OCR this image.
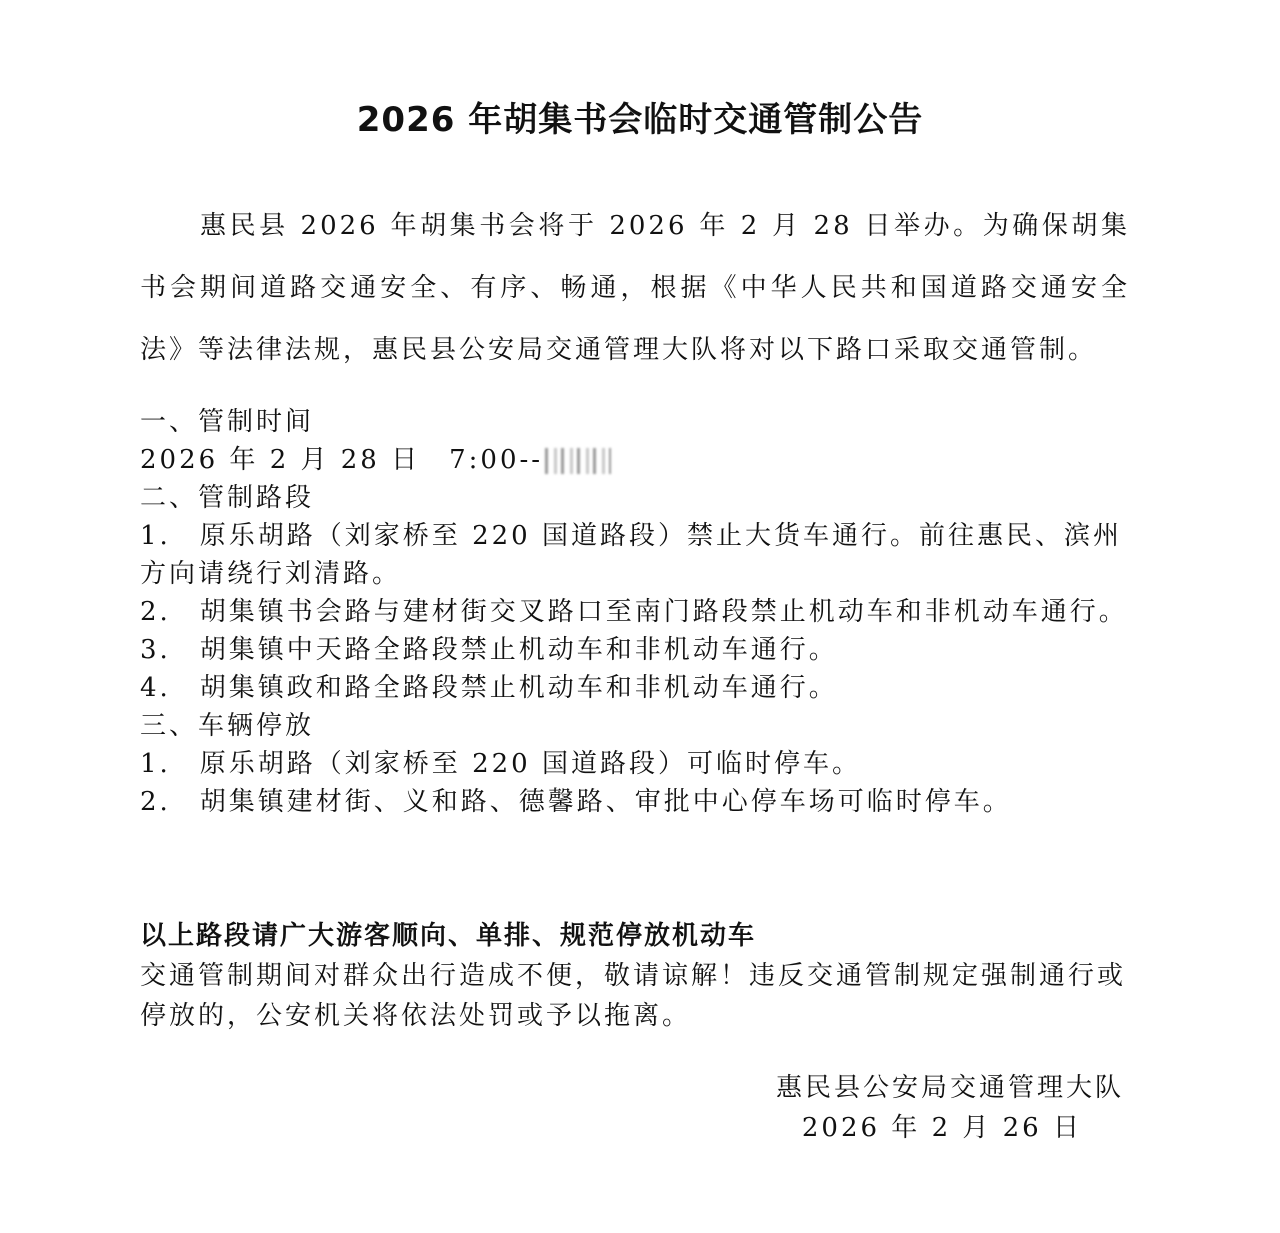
2026 年胡集书会临时交通管制公告
惠民县 2026 年胡集书会将于 2026 年 2 月 28 日举办。为确保胡集书会期间道路交通安全、有序、畅通，根据《中华人民共和国道路交通安全法》等法律法规，惠民县公安局交通管理大队将对以下路口采取交通管制。
一、管制时间
2026 年 2 月 28 日　7:00--
二、管制路段
1.　原乐胡路（刘家桥至 220 国道路段）禁止大货车通行。前往惠民、滨州方向请绕行刘清路。
2.　胡集镇书会路与建材街交叉路口至南门路段禁止机动车和非机动车通行。
3.　胡集镇中天路全路段禁止机动车和非机动车通行。
4.　胡集镇政和路全路段禁止机动车和非机动车通行。
三、车辆停放
1.　原乐胡路（刘家桥至 220 国道路段）可临时停车。
2.　胡集镇建材街、义和路、德馨路、审批中心停车场可临时停车。
以上路段请广大游客顺向、单排、规范停放机动车
交通管制期间对群众出行造成不便，敬请谅解！违反交通管制规定强制通行或停放的，公安机关将依法处罚或予以拖离。
惠民县公安局交通管理大队
2026 年 2 月 26 日
